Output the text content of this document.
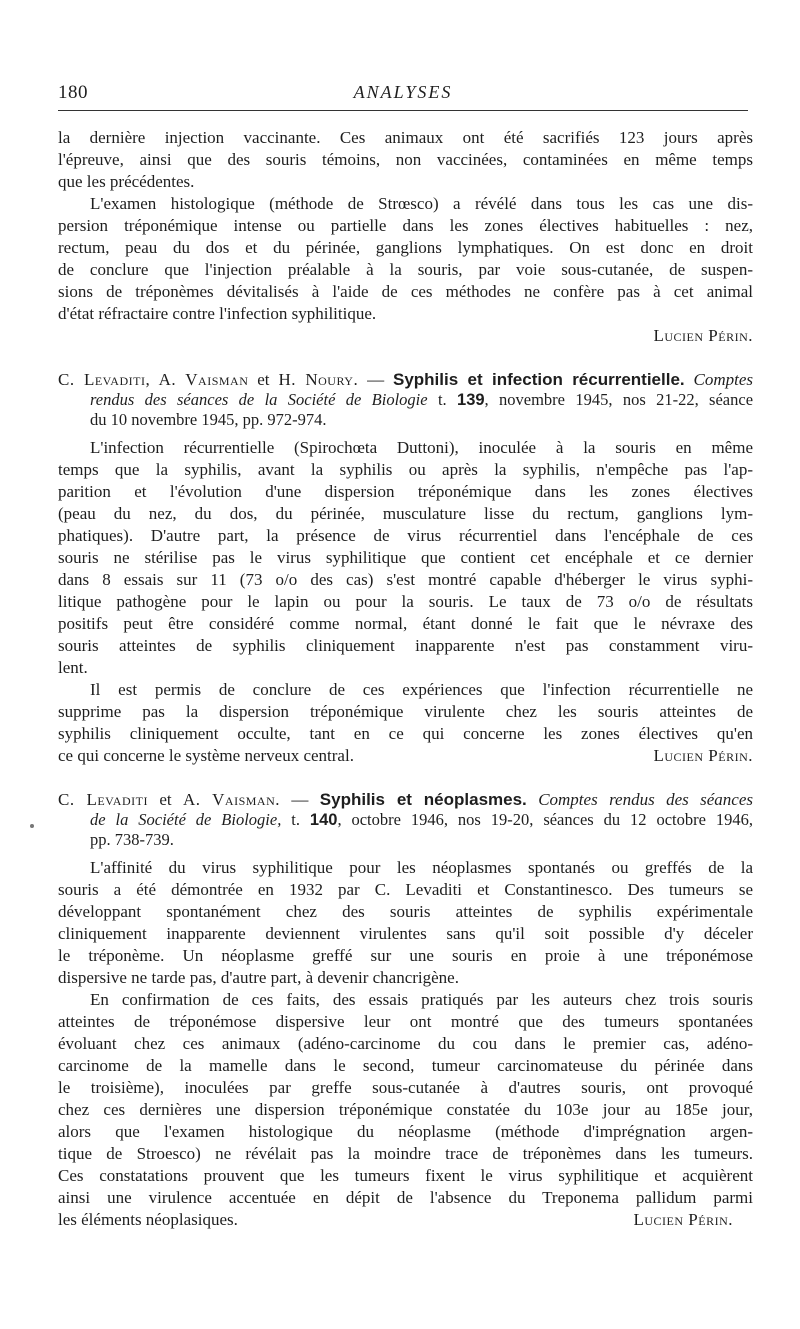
180	ANALYSES
la dernière injection vaccinante. Ces animaux ont été sacrifiés 123 jours après
l'épreuve, ainsi que des souris témoins, non vaccinées, contaminées en même temps
que les précédentes.
L'examen histologique (méthode de Strœsco) a révélé dans tous les cas une dis-
persion tréponémique intense ou partielle dans les zones électives habituelles : nez,
rectum, peau du dos et du périnée, ganglions lymphatiques. On est donc en droit
de conclure que l'injection préalable à la souris, par voie sous-cutanée, de suspen-
sions de tréponèmes dévitalisés à l'aide de ces méthodes ne confère pas à cet animal
d'état réfractaire contre l'infection syphilitique.
Lucien Périn.
C. Levaditi, A. Vaisman et H. Noury. — Syphilis et infection récurrentielle. Comptes
rendus des séances de la Société de Biologie t. 139, novembre 1945, nos 21-22, séance
du 10 novembre 1945, pp. 972-974.
L'infection récurrentielle (Spirochœta Duttoni), inoculée à la souris en même
temps que la syphilis, avant la syphilis ou après la syphilis, n'empêche pas l'ap-
parition et l'évolution d'une dispersion tréponémique dans les zones électives
(peau du nez, du dos, du périnée, musculature lisse du rectum, ganglions lym-
phatiques). D'autre part, la présence de virus récurrentiel dans l'encéphale de ces
souris ne stérilise pas le virus syphilitique que contient cet encéphale et ce dernier
dans 8 essais sur 11 (73 o/o des cas) s'est montré capable d'héberger le virus syphi-
litique pathogène pour le lapin ou pour la souris. Le taux de 73 o/o de résultats
positifs peut être considéré comme normal, étant donné le fait que le névraxe des
souris atteintes de syphilis cliniquement inapparente n'est pas constamment viru-
lent.
Il est permis de conclure de ces expériences que l'infection récurrentielle ne
supprime pas la dispersion tréponémique virulente chez les souris atteintes de
syphilis cliniquement occulte, tant en ce qui concerne les zones électives qu'en
ce qui concerne le système nerveux central.	Lucien Périn.
C. Levaditi et A. Vaisman. — Syphilis et néoplasmes. Comptes rendus des séances
de la Société de Biologie, t. 140, octobre 1946, nos 19-20, séances du 12 octobre 1946,
pp. 738-739.
L'affinité du virus syphilitique pour les néoplasmes spontanés ou greffés de la
souris a été démontrée en 1932 par C. Levaditi et Constantinesco. Des tumeurs se
développant spontanément chez des souris atteintes de syphilis expérimentale
cliniquement inapparente deviennent virulentes sans qu'il soit possible d'y déceler
le tréponème. Un néoplasme greffé sur une souris en proie à une tréponémose
dispersive ne tarde pas, d'autre part, à devenir chancrigène.
En confirmation de ces faits, des essais pratiqués par les auteurs chez trois souris
atteintes de tréponémose dispersive leur ont montré que des tumeurs spontanées
évoluant chez ces animaux (adéno-carcinome du cou dans le premier cas, adéno-
carcinome de la mamelle dans le second, tumeur carcinomateuse du périnée dans
le troisième), inoculées par greffe sous-cutanée à d'autres souris, ont provoqué
chez ces dernières une dispersion tréponémique constatée du 103e jour au 185e jour,
alors que l'examen histologique du néoplasme (méthode d'imprégnation argen-
tique de Stroesco) ne révélait pas la moindre trace de tréponèmes dans les tumeurs.
Ces constatations prouvent que les tumeurs fixent le virus syphilitique et acquièrent
ainsi une virulence accentuée en dépit de l'absence du Treponema pallidum parmi
les éléments néoplasiques.	Lucien Périn.
